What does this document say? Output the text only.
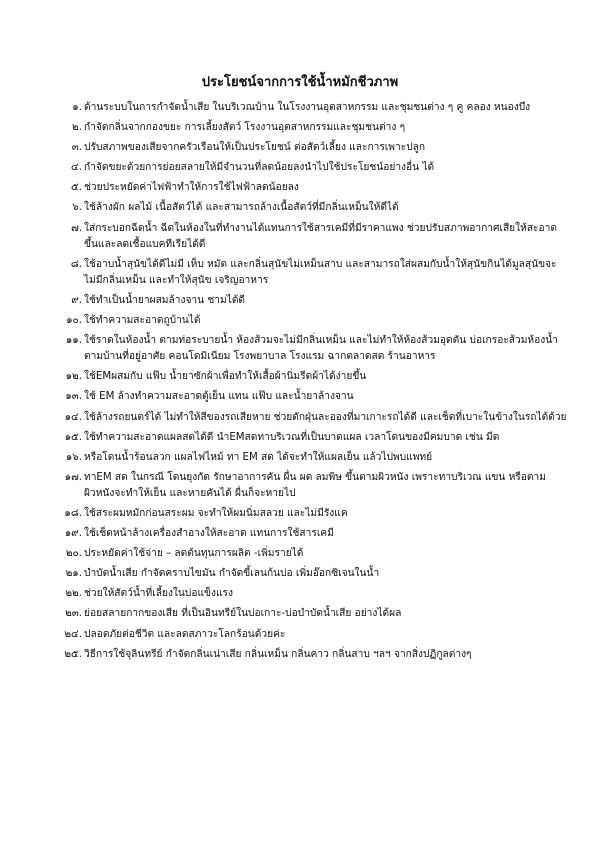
ประโยชน์จากการใช้น้ำหมักชีวภาพ
๑. ด้านระบบในการกำจัดน้ำเสีย ในบริเวณบ้าน ในโรงงานอุตสาหกรรม และชุมชนต่าง ๆ คู คลอง หนองบึง
๒. กำจัดกลิ่นจากกองขยะ การเลี้ยงสัตว์ โรงงานอุตสาหกรรมและชุมชนต่าง ๆ
๓. ปรับสภาพของเสียจากครัวเรือนให้เป็นประโยชน์ ต่อสัตว์เลี้ยง และการเพาะปลูก
๔. กำจัดขยะด้วยการย่อยสลายให้มีจำนวนที่ลดน้อยลงนำไปใช้ประโยชน์อย่างอื่น ได้
๕. ช่วยประหยัดค่าไฟฟ้าทำให้การใช้ไฟฟ้าลดน้อยลง
๖. ใช้ล้างผัก ผลไม้ เนื้อสัตว์ได้ และสามารถล้างเนื้อสัตว์ที่มีกลิ่นเหม็นให้ดีได้
๗. ใส่กระบอกฉีดน้ำ ฉีดในห้องในที่ทำงานได้แทนการใช้สารเคมีที่มีราคาแพง ช่วยปรับสภาพอากาศเสียให้สะอาดขึ้นและลดเชื้อแบคทีเรียได้ดี
๘. ใช้อาบน้ำสุนัขได้ดีไม่มี เห็บ หมัด และกลิ่นสุนัขไม่เหม็นสาบ และสามารถใส่ผสมกับน้ำให้สุนัขกินได้มูลสุนัขจะไม่มีกลิ่นเหม็น และทำให้สุนัข เจริญอาหาร
๙. ใช้ทำเป็นน้ำยาผสมล้างจาน ชามได้ดี
๑๐. ใช้ทำความสะอาดถูบ้านได้
๑๑. ใช้ราดในห้องน้ำ ตามท่อระบายน้ำ ห้องส้วมจะไม่มีกลิ่นเหม็น และไม่ทำให้ห้องส้วมอุดตัน บ่อเกรอะส้วมห้องน้ำ ตามบ้านที่อยู่อาศัย คอนโดมิเนียม โรงพยาบาล โรงแรม ฉากตลาดสด ร้านอาหาร
๑๒. ใช้EMผสมกับ แฟ๊บ น้ำยาซักผ้าเพื่อทำให้เสื้อผ้านิ่มรีดผ้าได้ง่ายขึ้น
๑๓. ใช้ EM ล้างทำความสะอาดตู้เย็น แทน แฟ๊บ และน้ำยาล้างจาน
๑๔. ใช้ล้างรถยนตร์ได้ ไม่ทำให้สีของรถเสียหาย ช่วยดักฝุ่นละอองที่มาเกาะรถได้ดี และเช็ดที่เบาะในข้างในรถได้ด้วย
๑๕. ใช้ทำความสะอาดแผลสดได้ดี นำEMสดทาบริเวณที่เป็นบาดแผล เวลาโดนของมีคมบาด เช่น มีด
๑๖. หรือโดนน้ำร้อนลวก แผลไฟไหม้ ทา EM สด ได้จะทำให้แผลเย็น แล้วไปพบแพทย์
๑๗. ทาEM สด ในกรณี โดนยุงกัด รักษาอาการคัน ผื่น ผด ลมพิษ ขึ้นตามผิวหนัง เพราะทาบริเวณ แขน หรือตามผิวหนังจะทำให้เย็น และหายคันได้ ผื่นก็จะหายไป
๑๘. ใช้สระผมหมักก่อนสระผม จะทำให้ผมนิ่มสลวย และไม่มีรังแค
๑๙. ใช้เช็ดหน้าล้างเครื่องสำอางให้สะอาด แทนการใช้สารเคมี
๒๐. ประหยัดค่าใช้จ่าย – ลดต้นทุนการผลิต -เพิ่มรายได้
๒๑. บำบัดน้ำเสีย กำจัดคราบไขมัน กำจัดขี้เลนก้นบ่อ เพิ่มอ๊อกซิเจนในน้ำ
๒๒. ช่วยให้สัตว์น้ำที่เลี้ยงในบ่อแข็งแรง
๒๓. ย่อยสลายกากของเสีย ที่เป็นอินทรีย์ในบ่อเกาะ-บ่อบำบัดน้ำเสีย อย่างได้ผล
๒๔. ปลอดภัยต่อชีวิต และลดสภาวะโลกร้อนด้วยค่ะ
๒๕. วิธีการใช้จุลินทรีย์ กำจัดกลิ่นเน่าเสีย กลิ่นเหม็น กลิ่นคาว กลิ่นสาบ ฯลฯ จากสิ่งปฏิกูลต่างๆ
